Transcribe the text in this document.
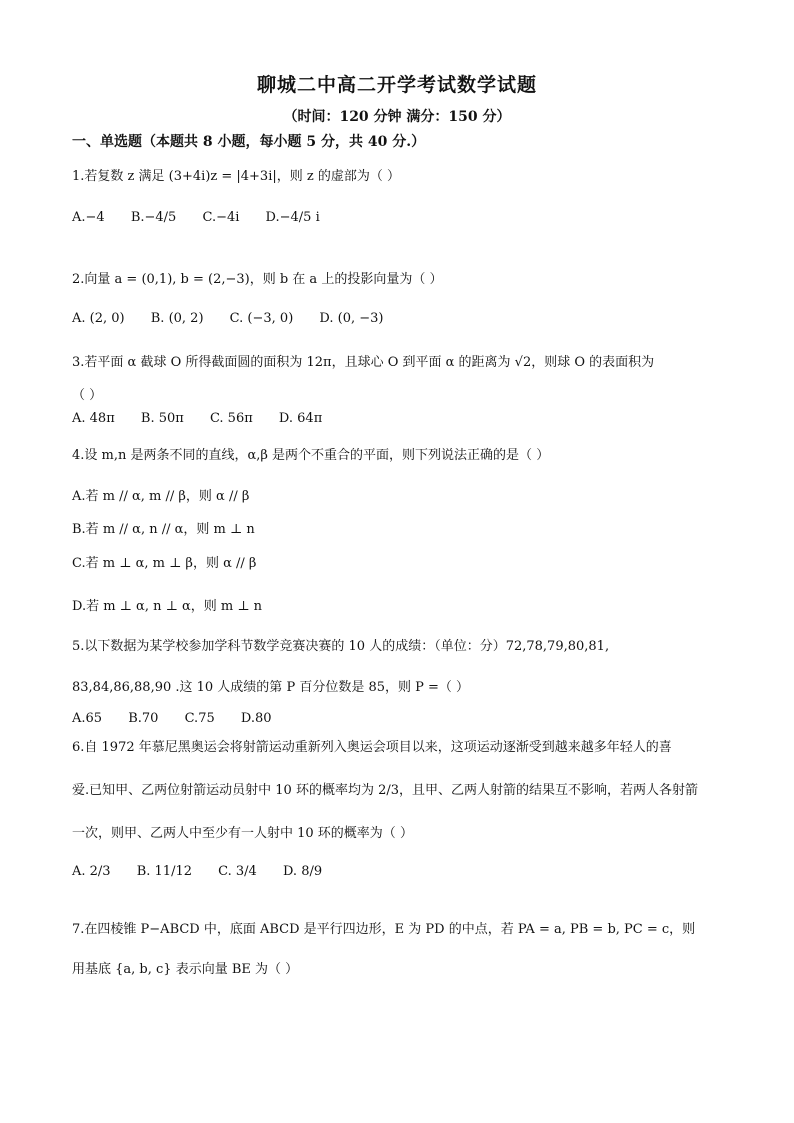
聊城二中高二开学考试数学试题
（时间：120 分钟 满分：150 分）
一、单选题（本题共 8 小题，每小题 5 分，共 40 分.）
1.若复数 z 满足 (3+4i)z = |4+3i|，则 z 的虚部为（ ）
A.−4 B.−4/5 C.−4i D.−4/5 i
2.向量 a = (0,1), b = (2,−3)，则 b 在 a 上的投影向量为（ ）
A. (2, 0) B. (0, 2) C. (−3, 0) D. (0, −3)
3.若平面 α 截球 O 所得截面圆的面积为 12π，且球心 O 到平面 α 的距离为 √2，则球 O 的表面积为
（ ）
A. 48π B. 50π C. 56π D. 64π
4.设 m,n 是两条不同的直线，α,β 是两个不重合的平面，则下列说法正确的是（ ）
A.若 m // α, m // β，则 α // β
B.若 m // α, n // α，则 m ⊥ n
C.若 m ⊥ α, m ⊥ β，则 α // β
D.若 m ⊥ α, n ⊥ α，则 m ⊥ n
5.以下数据为某学校参加学科节数学竞赛决赛的 10 人的成绩：（单位：分）72,78,79,80,81,
83,84,86,88,90 .这 10 人成绩的第 P 百分位数是 85，则 P =（ ）
A.65 B.70 C.75 D.80
6.自 1972 年慕尼黑奥运会将射箭运动重新列入奥运会项目以来，这项运动逐渐受到越来越多年轻人的喜
爱.已知甲、乙两位射箭运动员射中 10 环的概率均为 2/3，且甲、乙两人射箭的结果互不影响，若两人各射箭
一次，则甲、乙两人中至少有一人射中 10 环的概率为（ ）
A. 2/3 B. 11/12 C. 3/4 D. 8/9
7.在四棱锥 P−ABCD 中，底面 ABCD 是平行四边形，E 为 PD 的中点，若 PA = a, PB = b, PC = c，则
用基底 {a, b, c} 表示向量 BE 为（ ）
